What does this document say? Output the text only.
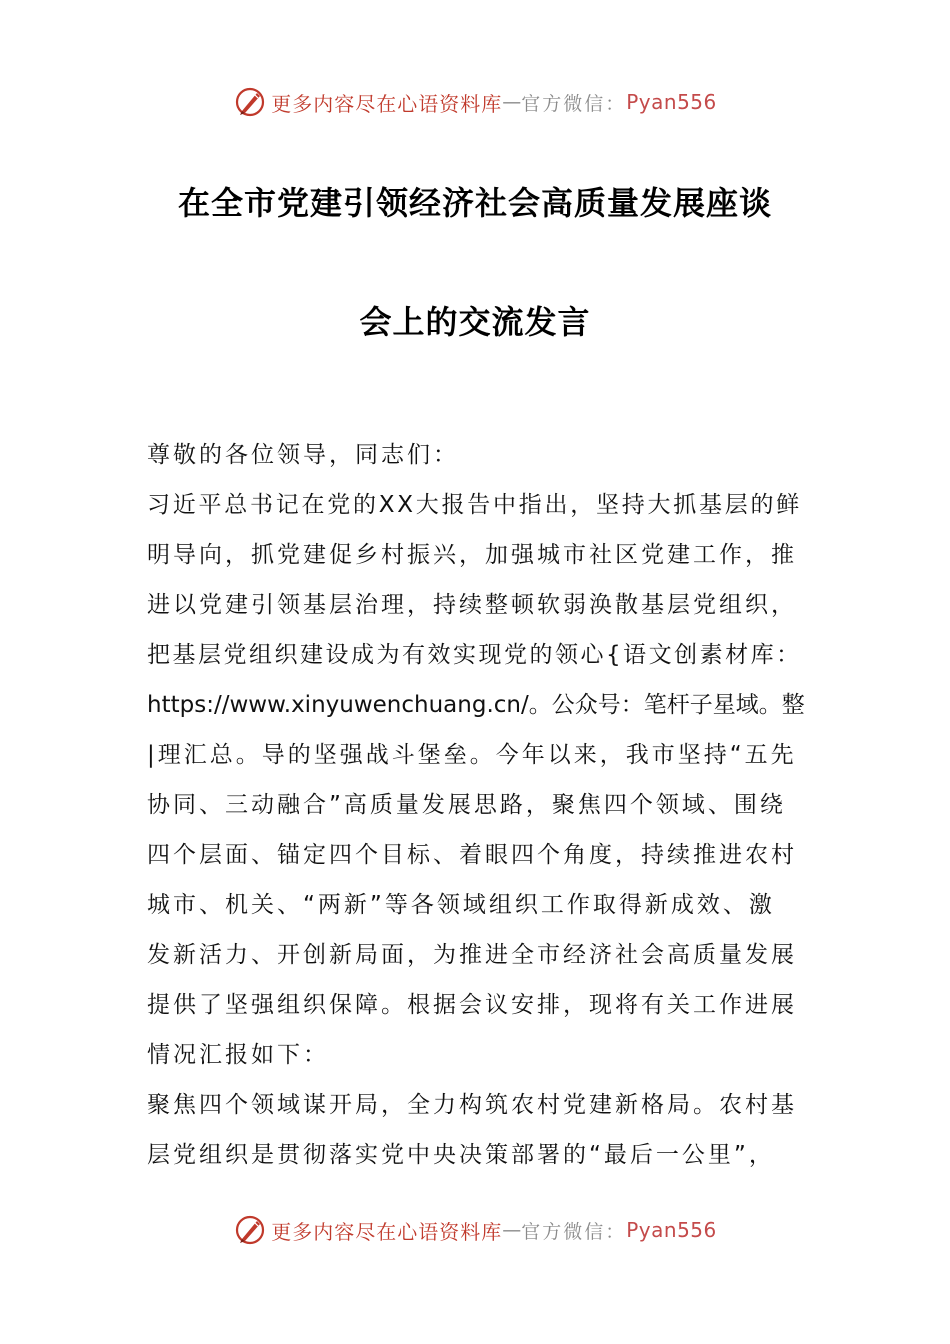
更多内容尽在心语资料库 — 官方微信： Pyan556
在全市党建引领经济社会高质量发展座谈
会上的交流发言
尊敬的各位领导，同志们：
习近平总书记在党的XX大报告中指出，坚持大抓基层的鲜
明导向，抓党建促乡村振兴，加强城市社区党建工作，推
进以党建引领基层治理，持续整顿软弱涣散基层党组织，
把基层党组织建设成为有效实现党的领心{语文创素材库：
https://www.xinyuwenchuang.cn/。公众号：笔杆子星域。整
|理汇总。导的坚强战斗堡垒。今年以来，我市坚持“五先
协同、三动融合”高质量发展思路，聚焦四个领域、围绕
四个层面、锚定四个目标、着眼四个角度，持续推进农村
城市、机关、“两新”等各领域组织工作取得新成效、激
发新活力、开创新局面，为推进全市经济社会高质量发展
提供了坚强组织保障。根据会议安排，现将有关工作进展
情况汇报如下：
聚焦四个领域谋开局，全力构筑农村党建新格局。农村基
层党组织是贯彻落实党中央决策部署的“最后一公里”，
更多内容尽在心语资料库 — 官方微信： Pyan556
